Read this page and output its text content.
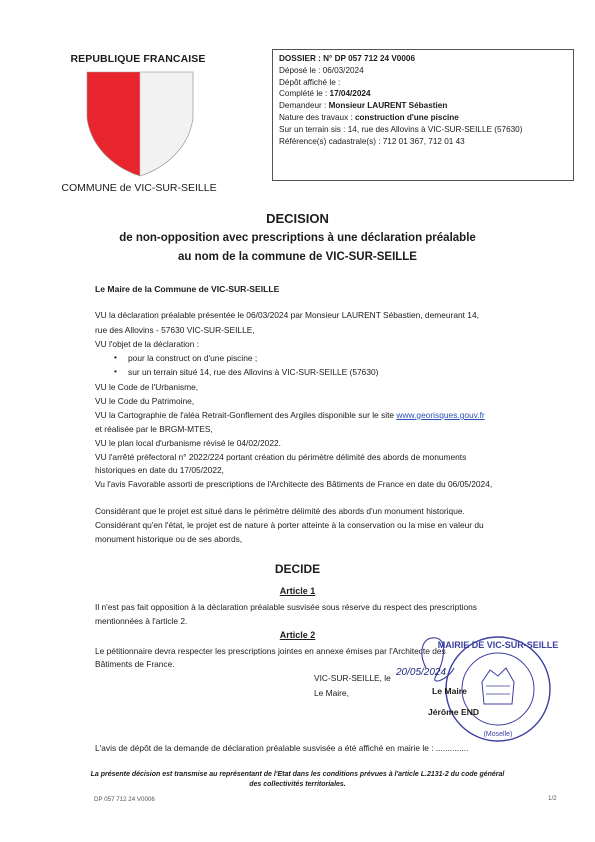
REPUBLIQUE FRANCAISE
COMMUNE de VIC-SUR-SEILLE
DOSSIER : N° DP 057 712 24 V0006
Déposé le : 06/03/2024
Dépôt affiché le :
Complété le : 17/04/2024
Demandeur : Monsieur LAURENT Sébastien
Nature des travaux : construction d'une piscine
Sur un terrain sis : 14, rue des Allovins à VIC-SUR-SEILLE (57630)
Référence(s) cadastrale(s) : 712 01 367, 712 01 43
DECISION
de non-opposition avec prescriptions à une déclaration préalable
au nom de la commune de VIC-SUR-SEILLE
Le Maire de la Commune de VIC-SUR-SEILLE
VU la déclaration préalable présentée le 06/03/2024 par Monsieur LAURENT Sébastien, demeurant 14,
rue des Allovins - 57630 VIC-SUR-SEILLE,
VU l'objet de la déclaration :
• pour la construct on d'une piscine ;
• sur un terrain situé 14, rue des Allovins à VIC-SUR-SEILLE (57630)
VU le Code de l'Urbanisme,
VU le Code du Patrimoine,
VU la Cartographie de l'aléa Retrait-Gonflement des Argiles disponible sur le site www.georisques.gouv.fr
et réalisée par le BRGM-MTES,
VU le plan local d'urbanisme révisé le 04/02/2022.
VU l'arrêté préfectoral n° 2022/224 portant création du périmètre délimité des abords de monuments
historiques en date du 17/05/2022,
Vu l'avis Favorable assorti de prescriptions de l'Architecte des Bâtiments de France en date du 06/05/2024,
Considérant que le projet est situé dans le périmètre délimité des abords d'un monument historique.
Considérant qu'en l'état, le projet est de nature à porter atteinte à la conservation ou la mise en valeur du
monument historique ou de ses abords,
DECIDE
Article 1
Il n'est pas fait opposition à la déclaration préalable susvisée sous réserve du respect des prescriptions
mentionnées à l'article 2.
Article 2
Le pétitionnaire devra respecter les prescriptions jointes en annexe émises par l'Architecte des
Bâtiments de France.
MAIRIE DE VIC-SUR-SEILLE
(Moselle)
VIC-SUR-SEILLE, le 20/05/2024
Le Maire,	Le Maire
Jérôme END
L'avis de dépôt de la demande de déclaration préalable susvisée a été affiché en mairie le : ..............
La présente décision est transmise au représentant de l'Etat dans les conditions prévues à l'article L.2131-2 du code général
des collectivités territoriales.
DP 057 712 24 V0006	1/2
